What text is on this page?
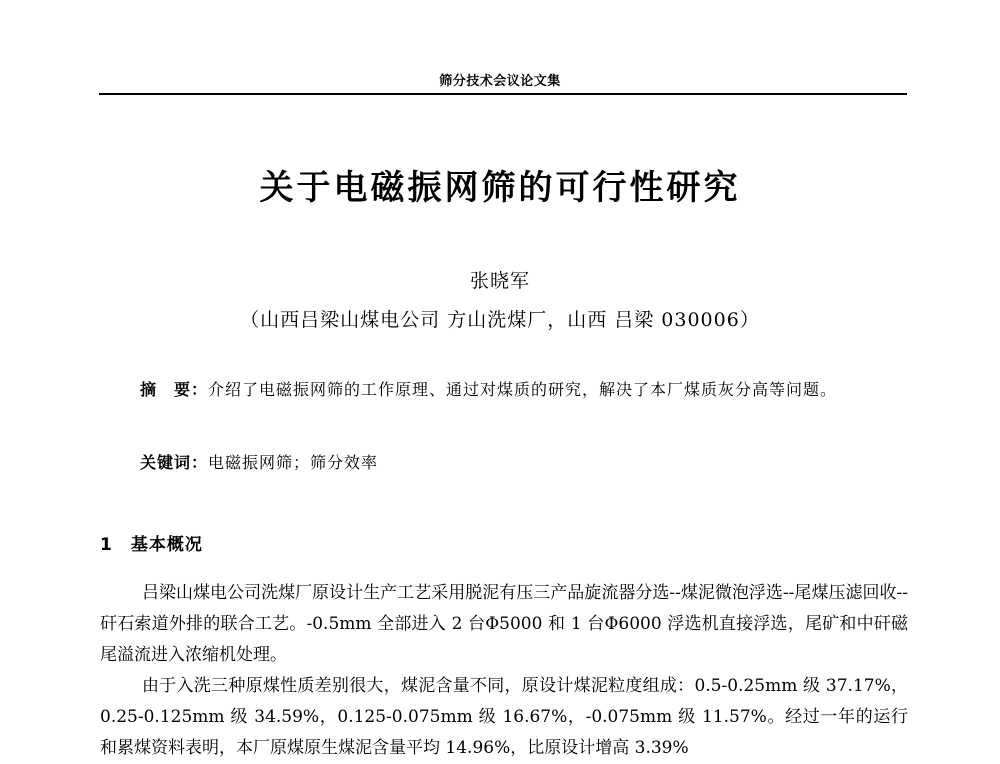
筛分技术会议论文集
关于电磁振网筛的可行性研究
张晓军
（山西吕梁山煤电公司 方山洗煤厂，山西 吕梁 030006）
摘　要：介绍了电磁振网筛的工作原理、通过对煤质的研究，解决了本厂煤质灰分高等问题。
关键词：电磁振网筛；筛分效率
1　基本概况

吕梁山煤电公司洗煤厂原设计生产工艺采用脱泥有压三产品旋流器分选--煤泥微泡浮选--尾煤压滤回收--矸石索道外排的联合工艺。-0.5mm 全部进入 2 台Φ5000 和 1 台Φ6000 浮选机直接浮选，尾矿和中矸磁尾溢流进入浓缩机处理。

由于入洗三种原煤性质差别很大，煤泥含量不同，原设计煤泥粒度组成：0.5-0.25mm 级 37.17%，0.25-0.125mm 级 34.59%，0.125-0.075mm 级 16.67%，-0.075mm 级 11.57%。经过一年的运行和累煤资料表明，本厂原煤原生煤泥含量平均 14.96%，比原设计增高 3.39%
